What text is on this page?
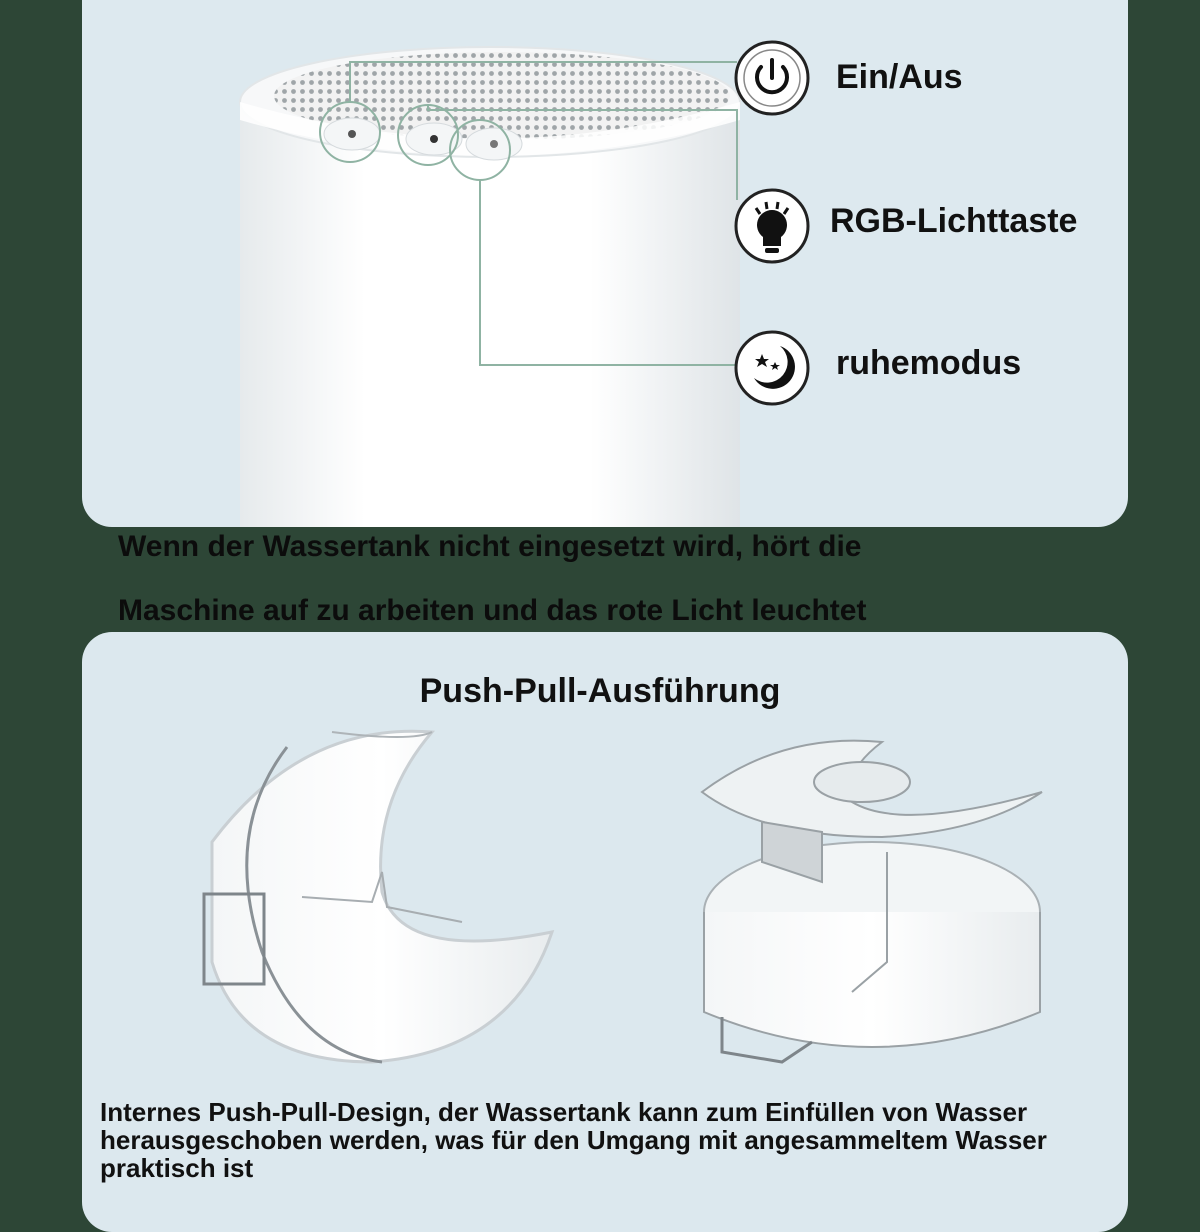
Ein/Aus
RGB-Lichttaste
ruhemodus
Wenn der Wassertank nicht eingesetzt wird, hört die
Maschine auf zu arbeiten und das rote Licht leuchtet
Push-Pull-Ausführung
Internes Push-Pull-Design, der Wassertank kann zum Einfüllen von Wasser herausgeschoben werden, was für den Umgang mit angesammeltem Wasser praktisch ist
